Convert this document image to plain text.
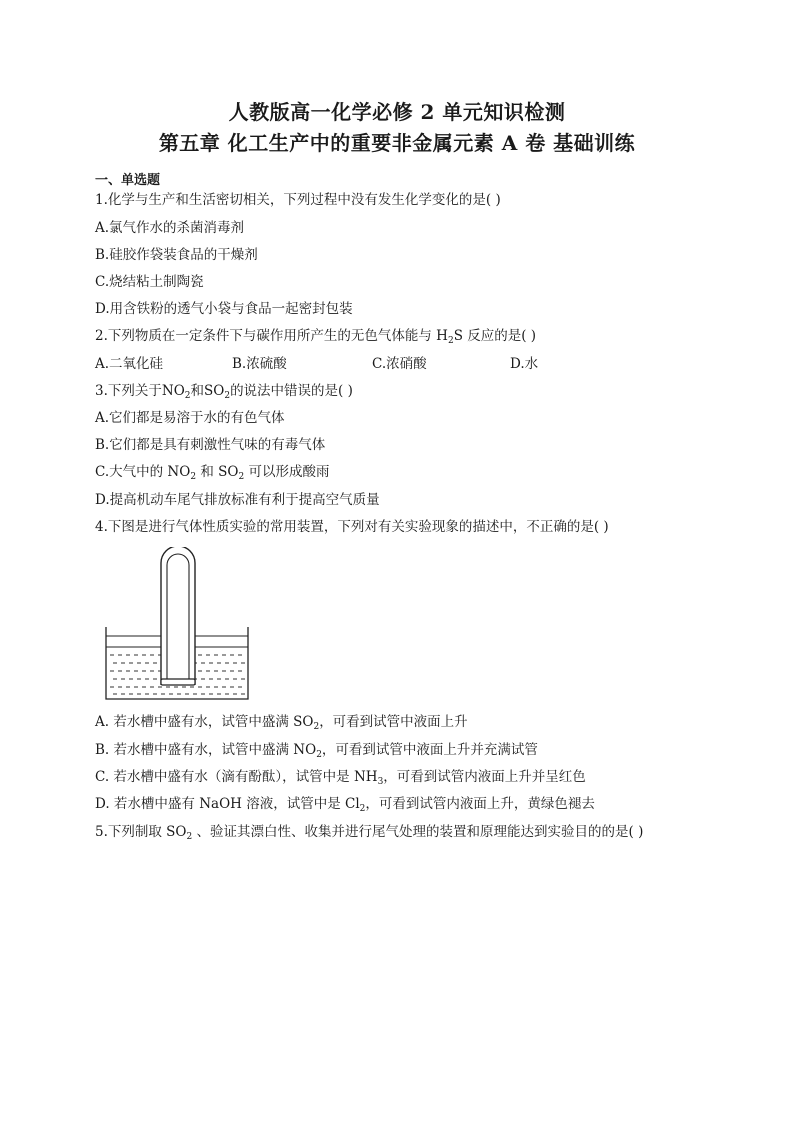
人教版高一化学必修 2 单元知识检测
第五章 化工生产中的重要非金属元素 A 卷 基础训练
一、单选题
1.化学与生产和生活密切相关，下列过程中没有发生化学变化的是( )
A.氯气作水的杀菌消毒剂
B.硅胶作袋装食品的干燥剂
C.烧结粘土制陶瓷
D.用含铁粉的透气小袋与食品一起密封包装
2.下列物质在一定条件下与碳作用所产生的无色气体能与 $H_2S$ 反应的是( )
A.二氧化硅	B.浓硫酸	C.浓硝酸	D.水
3.下列关于$NO_2$和$SO_2$的说法中错误的是( )
A.它们都是易溶于水的有色气体
B.它们都是具有刺激性气味的有毒气体
C.大气中的 $NO_2$ 和 $SO_2$ 可以形成酸雨
D.提高机动车尾气排放标准有利于提高空气质量
4.下图是进行气体性质实验的常用装置，下列对有关实验现象的描述中，不正确的是( )
A. 若水槽中盛有水，试管中盛满 $SO_2$，可看到试管中液面上升
B. 若水槽中盛有水，试管中盛满 $NO_2$，可看到试管中液面上升并充满试管
C. 若水槽中盛有水（滴有酚酞），试管中是 $NH_3$，可看到试管内液面上升并呈红色
D. 若水槽中盛有 NaOH 溶液，试管中是 $Cl_2$，可看到试管内液面上升，黄绿色褪去
5.下列制取 $SO_2$ 、验证其漂白性、收集并进行尾气处理的装置和原理能达到实验目的的是( )
